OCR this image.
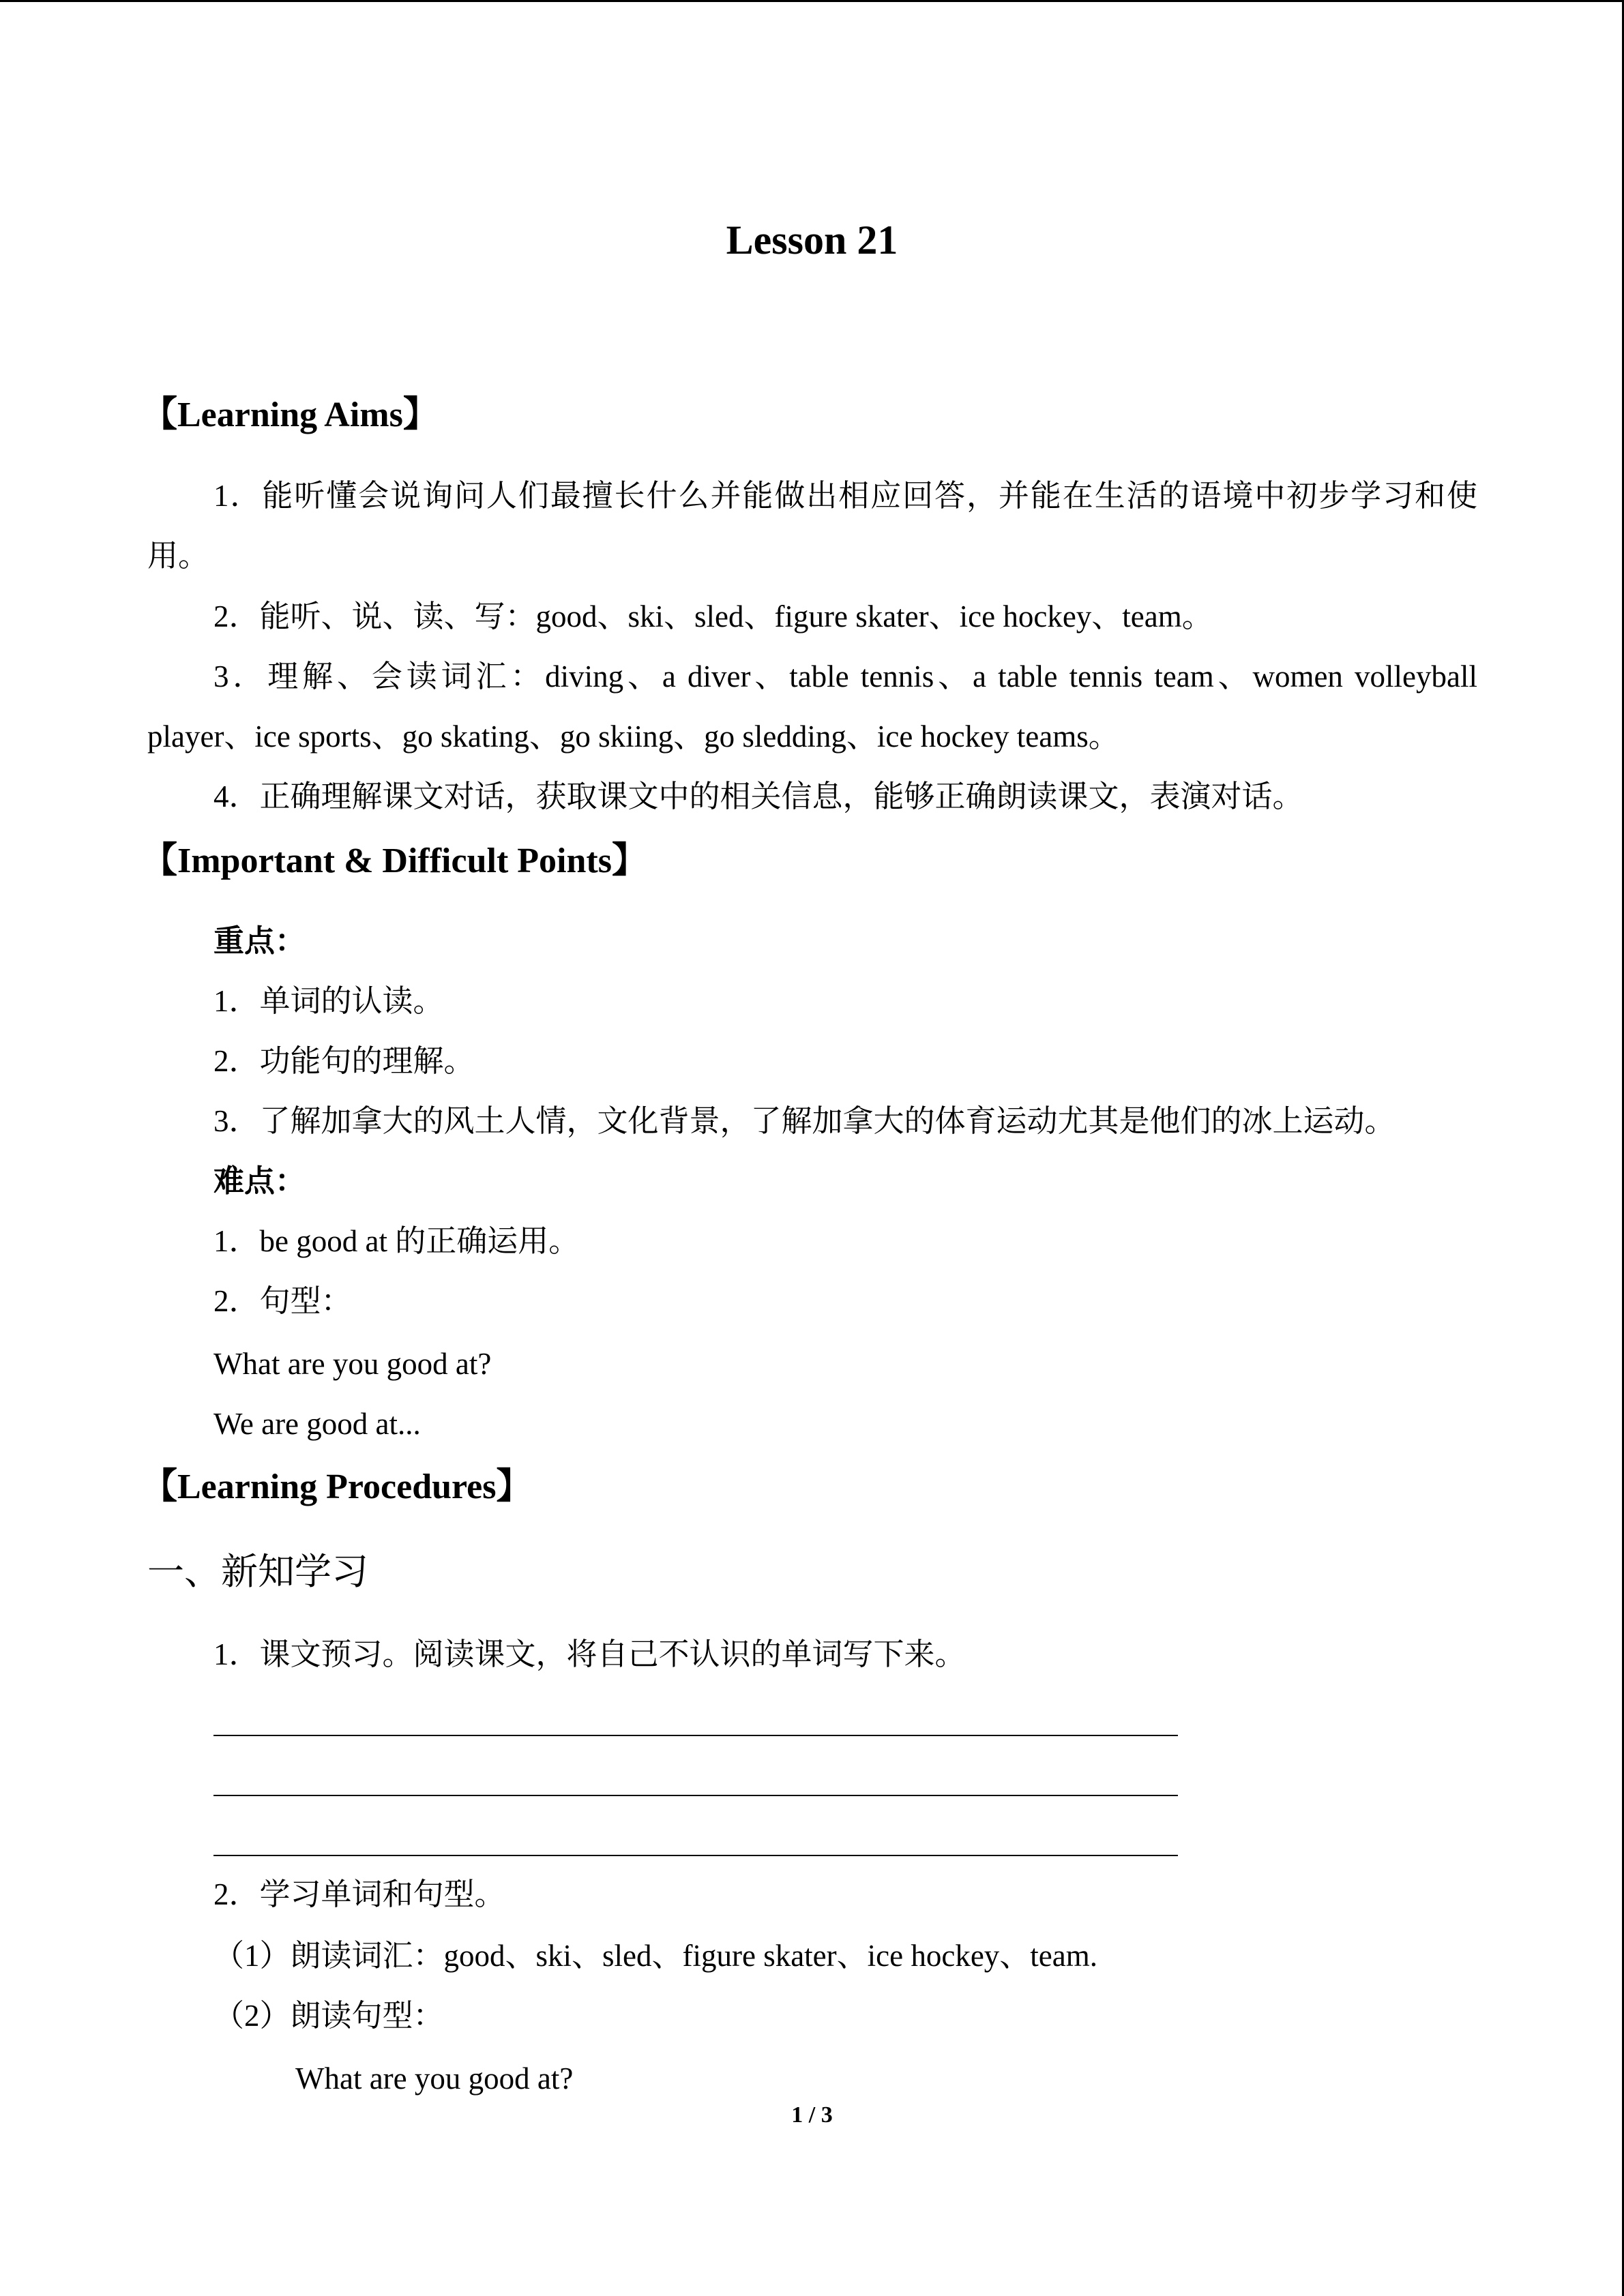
Lesson 21
【Learning Aims】
1．能听懂会说询问人们最擅长什么并能做出相应回答，并能在生活的语境中初步学习和使用。
2．能听、说、读、写：good、ski、sled、figure skater、ice hockey、team。
3．理解、会读词汇：diving、a diver、table tennis、a table tennis team、women volleyball player、ice sports、go skating、go skiing、go sledding、ice hockey teams。
4．正确理解课文对话，获取课文中的相关信息，能够正确朗读课文，表演对话。
【Important & Difficult Points】
重点：
1．单词的认读。
2．功能句的理解。
3．了解加拿大的风土人情，文化背景，了解加拿大的体育运动尤其是他们的冰上运动。
难点：
1．be good at 的正确运用。
2．句型：
What are you good at?
We are good at...
【Learning Procedures】
一、新知学习
1．课文预习。阅读课文，将自己不认识的单词写下来。
2．学习单词和句型。
（1）朗读词汇：good、ski、sled、figure skater、ice hockey、team.
（2）朗读句型：
What are you good at?
1 / 3
